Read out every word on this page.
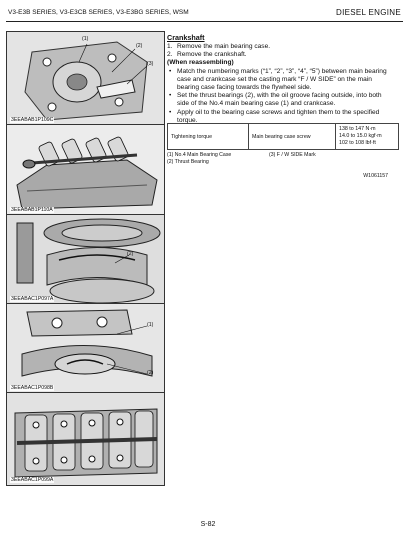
V3-E3B SERIES, V3-E3CB SERIES, V3-E3BG SERIES, WSM	DIESEL ENGINE
(1)
(2)
(3)
3EEABAB1P109C
3EEABAB1P110A
(2)
3EEABAC1P097A
(1)
(2)
3EEABAC1P098B
3EEABAC1P099A
Crankshaft
1. Remove the main bearing case.
2. Remove the crankshaft.
(When reassembling)
• Match the numbering marks (“1”, “2”, “3”, “4”, “5”) between main bearing case and crankcase set the casting mark “F / W SIDE” on the main bearing case facing towards the flywheel side.
• Set the thrust bearings (2), with the oil groove facing outside, into both side of the No.4 main bearing case (1) and crankcase.
• Apply oil to the bearing case screws and tighten them to the specified torque.
Tightening torque	Main bearing case screw	
138 to 147 N·m
14.0 to 15.0 kgf·m
102 to 108 lbf·ft
(1) No.4 Main Bearing Case	(3) F / W SIDE Mark
(2) Thrust Bearing
W1061157
S-82
